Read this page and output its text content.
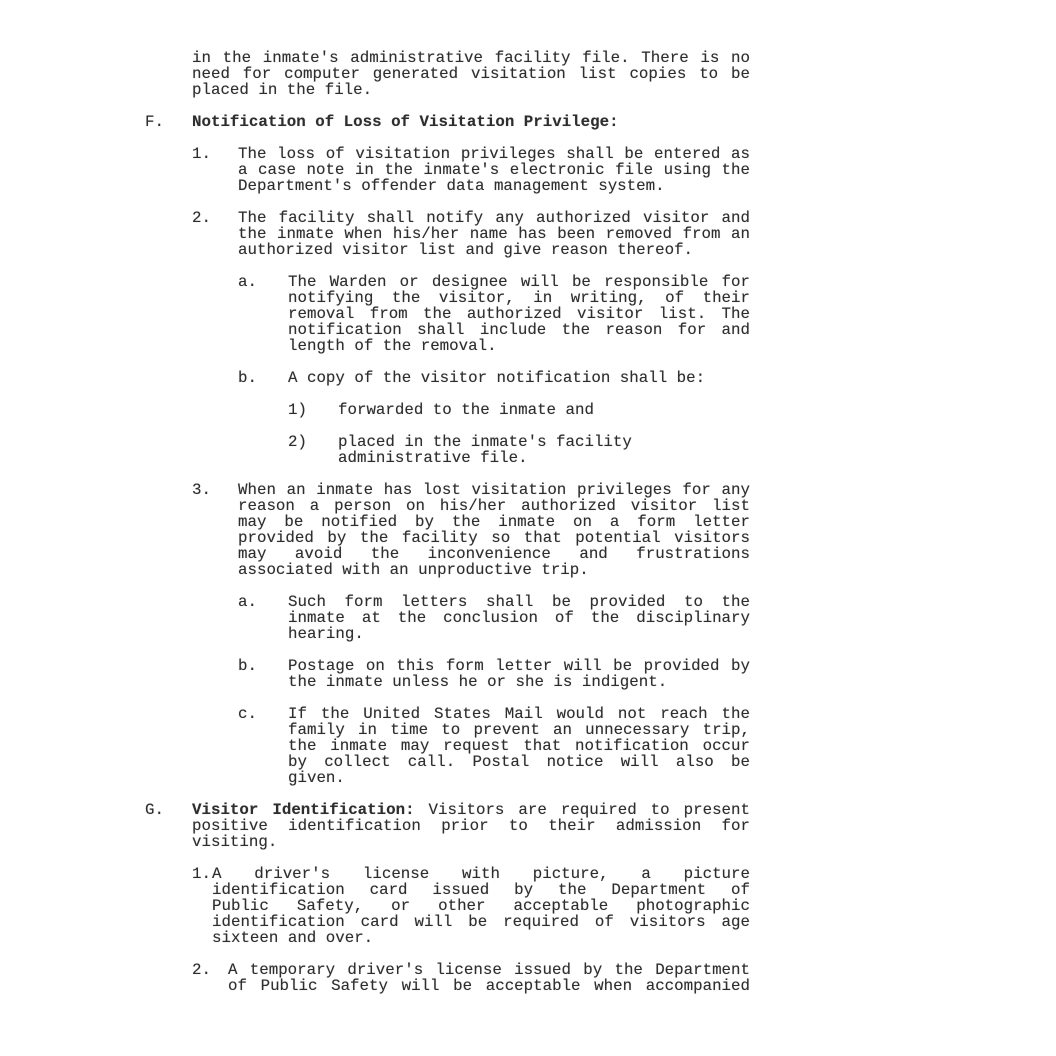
in the inmate's administrative facility file. There is no
need for computer generated visitation list copies to be
placed in the file.
F.	Notification of Loss of Visitation Privilege:
1.	The loss of visitation privileges shall be entered as
a case note in the inmate's electronic file using the
Department's offender data management system.
2.	The facility shall notify any authorized visitor and
the inmate when his/her name has been removed from an
authorized visitor list and give reason thereof.
a.	The Warden or designee will be responsible for
notifying the visitor, in writing, of their
removal from the authorized visitor list. The
notification shall include the reason for and
length of the removal.
b.	A copy of the visitor notification shall be:
1)	forwarded to the inmate and
2)	placed in the inmate's facility
administrative file.
3.	When an inmate has lost visitation privileges for any
reason a person on his/her authorized visitor list
may be notified by the inmate on a form letter
provided by the facility so that potential visitors
may avoid the inconvenience and frustrations
associated with an unproductive trip.
a.	Such form letters shall be provided to the
inmate at the conclusion of the disciplinary
hearing.
b.	Postage on this form letter will be provided by
the inmate unless he or she is indigent.
c.	If the United States Mail would not reach the
family in time to prevent an unnecessary trip,
the inmate may request that notification occur
by collect call. Postal notice will also be
given.
G.	Visitor Identification: Visitors are required to present
positive identification prior to their admission for
visiting.
1. A driver's license with picture, a picture
identification card issued by the Department of
Public Safety, or other acceptable photographic
identification card will be required of visitors age
sixteen and over.
2.	A temporary driver's license issued by the Department
of Public Safety will be acceptable when accompanied
